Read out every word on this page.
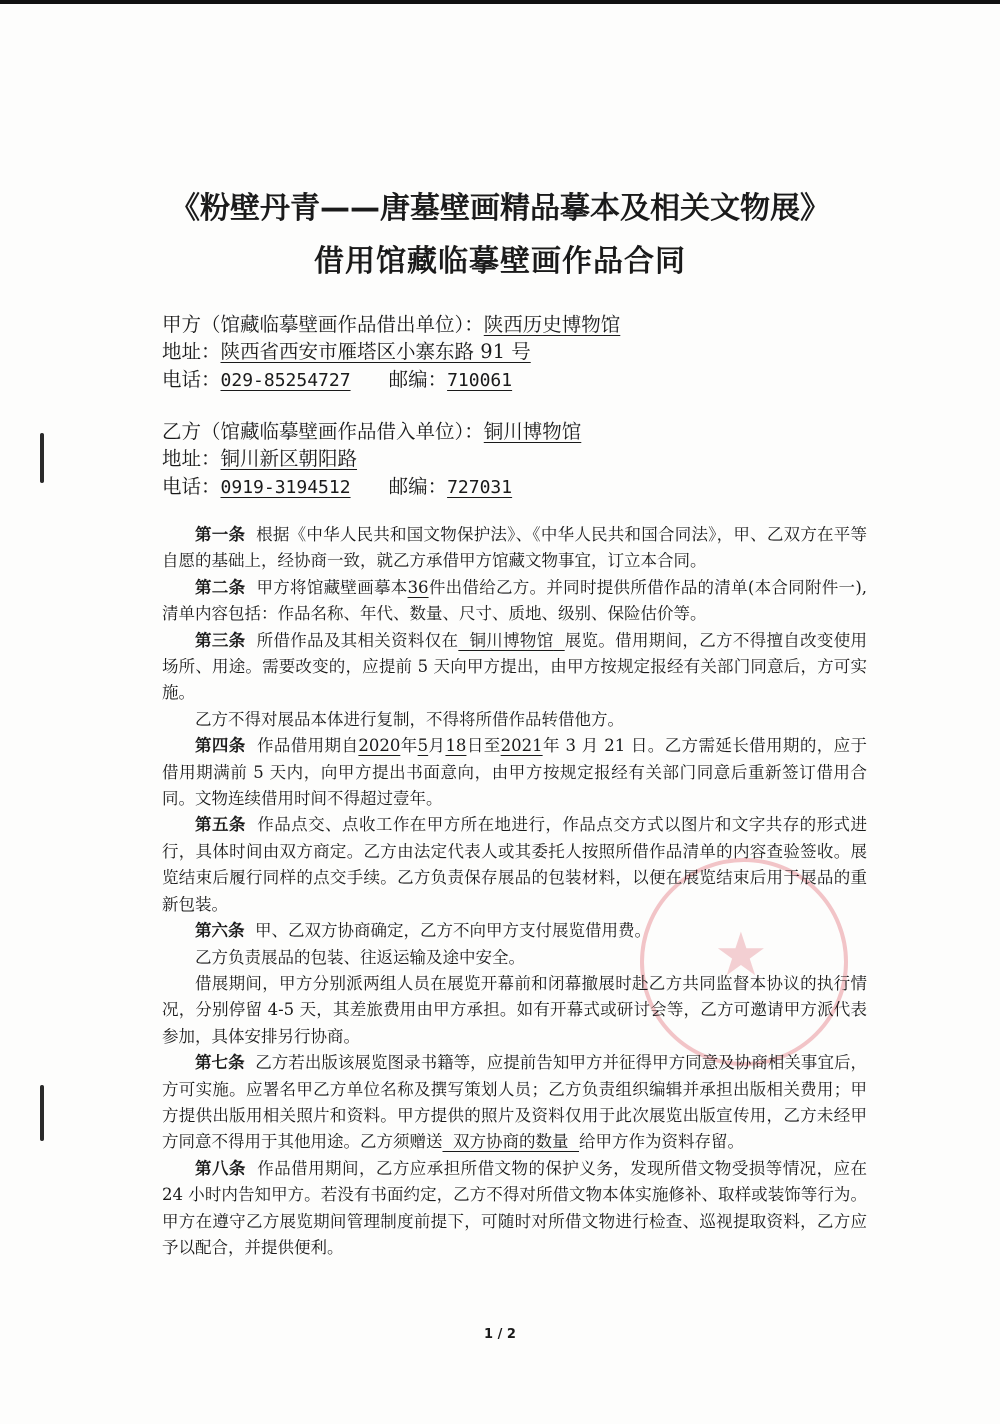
★
《粉壁丹青——唐墓壁画精品摹本及相关文物展》
借用馆藏临摹壁画作品合同
甲方（馆藏临摹壁画作品借出单位）：陕西历史博物馆
地址：陕西省西安市雁塔区小寨东路 91 号
电话：029-85254727 邮编：710061
乙方（馆藏临摹壁画作品借入单位）：铜川博物馆
地址：铜川新区朝阳路
电话：0919-3194512 邮编：727031

第一条 根据《中华人民共和国文物保护法》、《中华人民共和国合同法》，甲、乙双方在平等自愿的基础上，经协商一致，就乙方承借甲方馆藏文物事宜，订立本合同。

第二条 甲方将馆藏壁画摹本36件出借给乙方。并同时提供所借作品的清单(本合同附件一),清单内容包括：作品名称、年代、数量、尺寸、质地、级别、保险估价等。

第三条 所借作品及其相关资料仅在 铜川博物馆 展览。借用期间，乙方不得擅自改变使用场所、用途。需要改变的，应提前 5 天向甲方提出，由甲方按规定报经有关部门同意后，方可实施。

乙方不得对展品本体进行复制，不得将所借作品转借他方。

第四条 作品借用期自2020年5月18日至2021年 3 月 21 日。乙方需延长借用期的，应于借用期满前 5 天内，向甲方提出书面意向，由甲方按规定报经有关部门同意后重新签订借用合同。文物连续借用时间不得超过壹年。

第五条 作品点交、点收工作在甲方所在地进行，作品点交方式以图片和文字共存的形式进行，具体时间由双方商定。乙方由法定代表人或其委托人按照所借作品清单的内容查验签收。展览结束后履行同样的点交手续。乙方负责保存展品的包装材料，以便在展览结束后用于展品的重新包装。

第六条 甲、乙双方协商确定，乙方不向甲方支付展览借用费。

乙方负责展品的包装、往返运输及途中安全。

借展期间，甲方分别派两组人员在展览开幕前和闭幕撤展时赴乙方共同监督本协议的执行情况，分别停留 4-5 天，其差旅费用由甲方承担。如有开幕式或研讨会等，乙方可邀请甲方派代表参加，具体安排另行协商。

第七条 乙方若出版该展览图录书籍等，应提前告知甲方并征得甲方同意及协商相关事宜后，方可实施。应署名甲乙方单位名称及撰写策划人员；乙方负责组织编辑并承担出版相关费用；甲方提供出版用相关照片和资料。甲方提供的照片及资料仅用于此次展览出版宣传用，乙方未经甲方同意不得用于其他用途。乙方须赠送 双方协商的数量 给甲方作为资料存留。

第八条 作品借用期间，乙方应承担所借文物的保护义务，发现所借文物受损等情况，应在 24 小时内告知甲方。若没有书面约定，乙方不得对所借文物本体实施修补、取样或装饰等行为。甲方在遵守乙方展览期间管理制度前提下，可随时对所借文物进行检查、巡视提取资料，乙方应予以配合，并提供便利。

1 / 2
